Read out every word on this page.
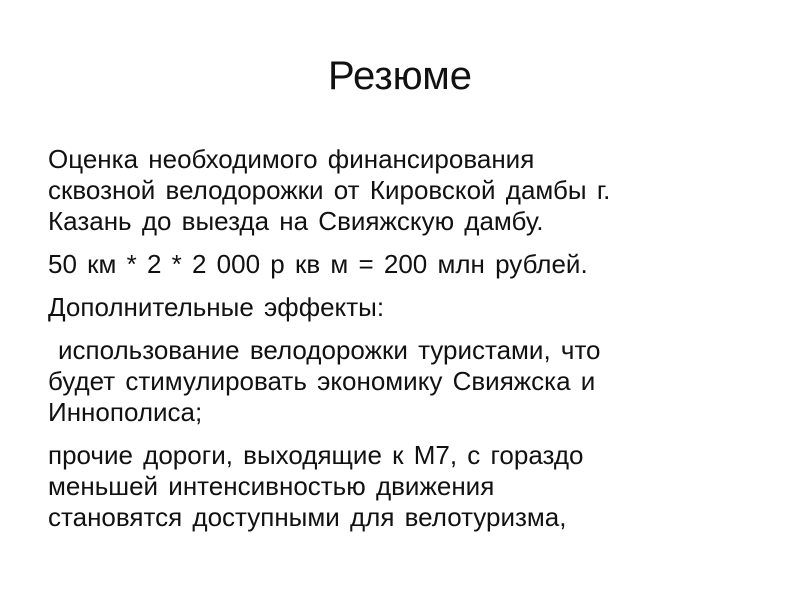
Резюме

Оценка необходимого финансирования
сквозной велодорожки от Кировской дамбы г.
Казань до выезда на Свияжскую дамбу.

50 км * 2 * 2 000 р кв м = 200 млн рублей.

Дополнительные эффекты:

использование велодорожки туристами, что
будет стимулировать экономику Свияжска и
Иннополиса;

прочие дороги, выходящие к М7, с гораздо
меньшей интенсивностью движения
становятся доступными для велотуризма,
